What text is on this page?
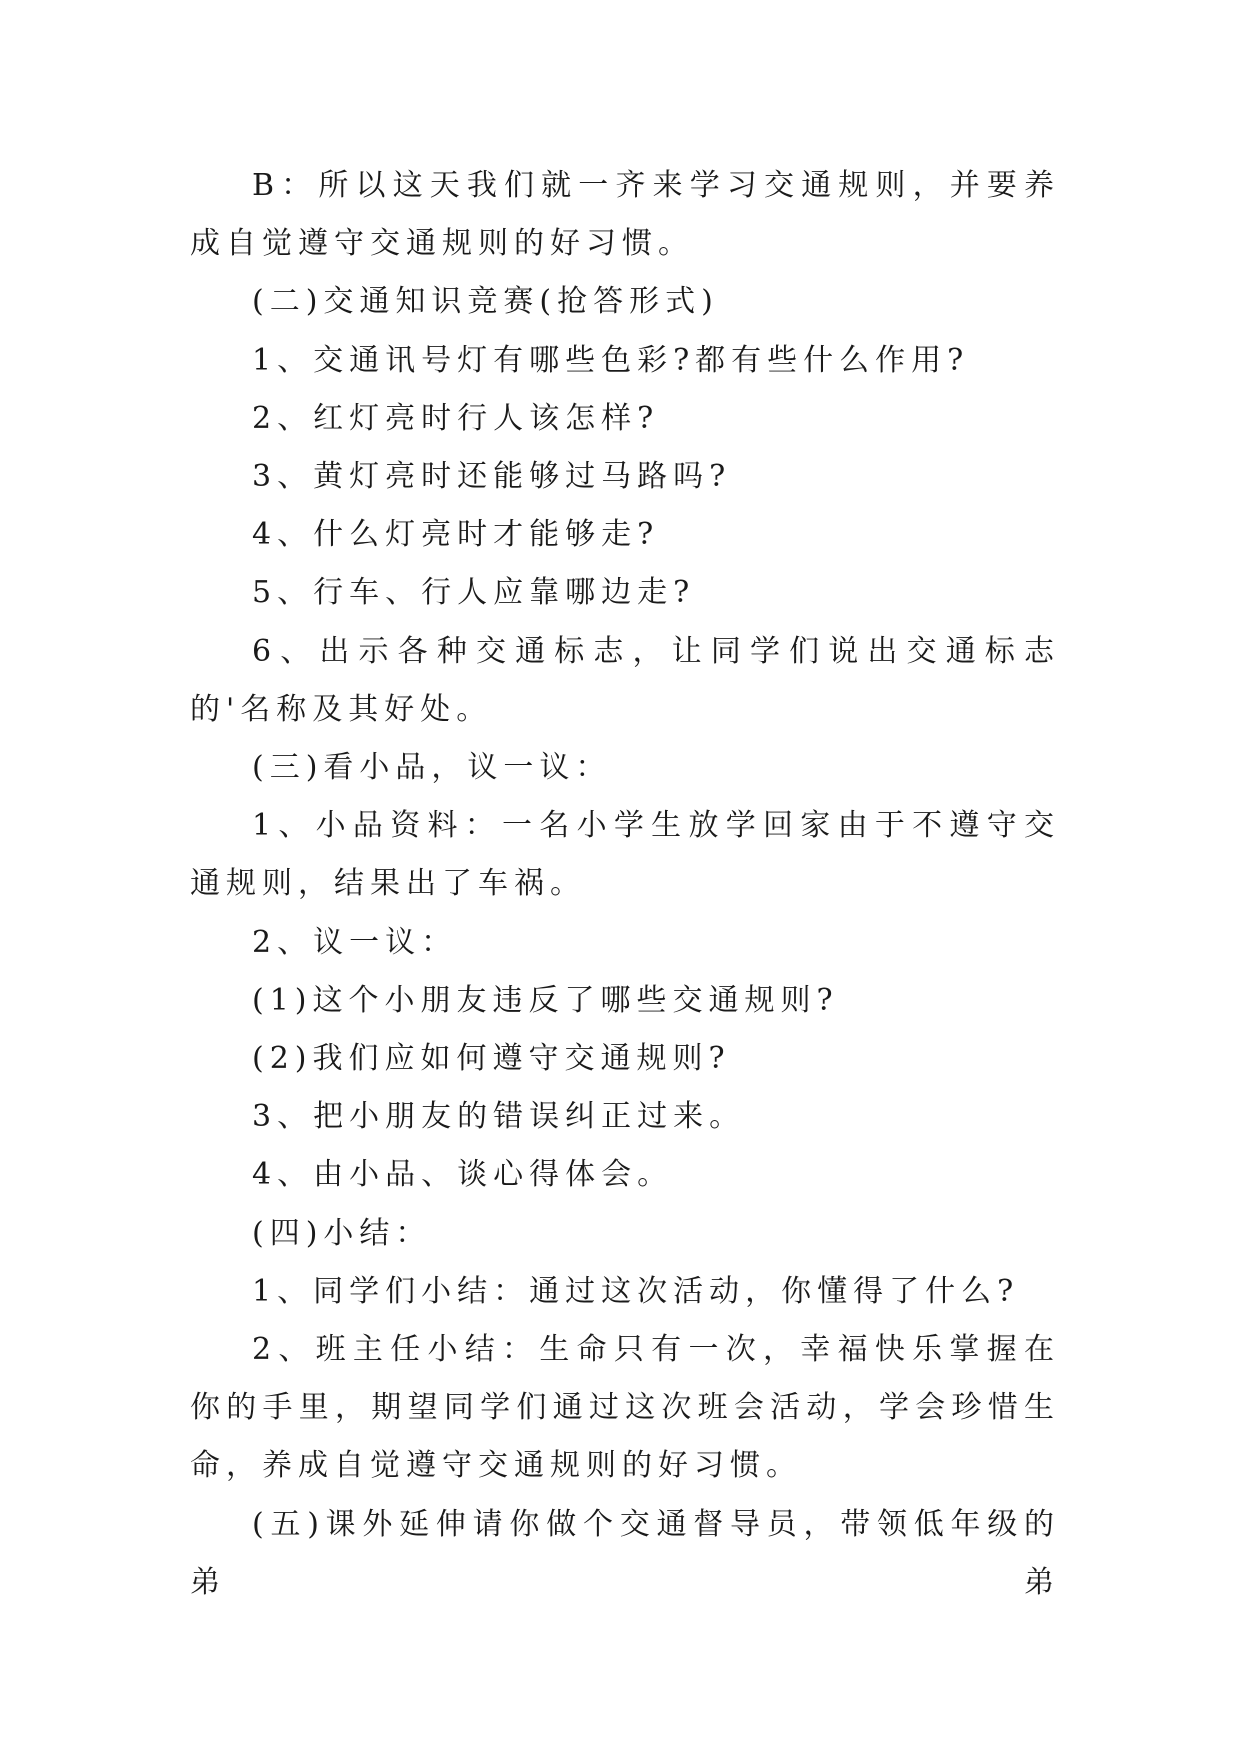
B：所以这天我们就一齐来学习交通规则，并要养成自觉遵守交通规则的好习惯。

(二)交通知识竞赛(抢答形式)

1、交通讯号灯有哪些色彩?都有些什么作用?

2、红灯亮时行人该怎样?

3、黄灯亮时还能够过马路吗?

4、什么灯亮时才能够走?

5、行车、行人应靠哪边走?

6、出示各种交通标志，让同学们说出交通标志的'名称及其好处。

(三)看小品，议一议：

1、小品资料：一名小学生放学回家由于不遵守交通规则，结果出了车祸。

2、议一议：

(1)这个小朋友违反了哪些交通规则?

(2)我们应如何遵守交通规则?

3、把小朋友的错误纠正过来。

4、由小品、谈心得体会。

(四)小结：

1、同学们小结：通过这次活动，你懂得了什么?

2、班主任小结：生命只有一次，幸福快乐掌握在你的手里，期望同学们通过这次班会活动，学会珍惜生命，养成自觉遵守交通规则的好习惯。

(五)课外延伸请你做个交通督导员，带领低年级的弟弟
